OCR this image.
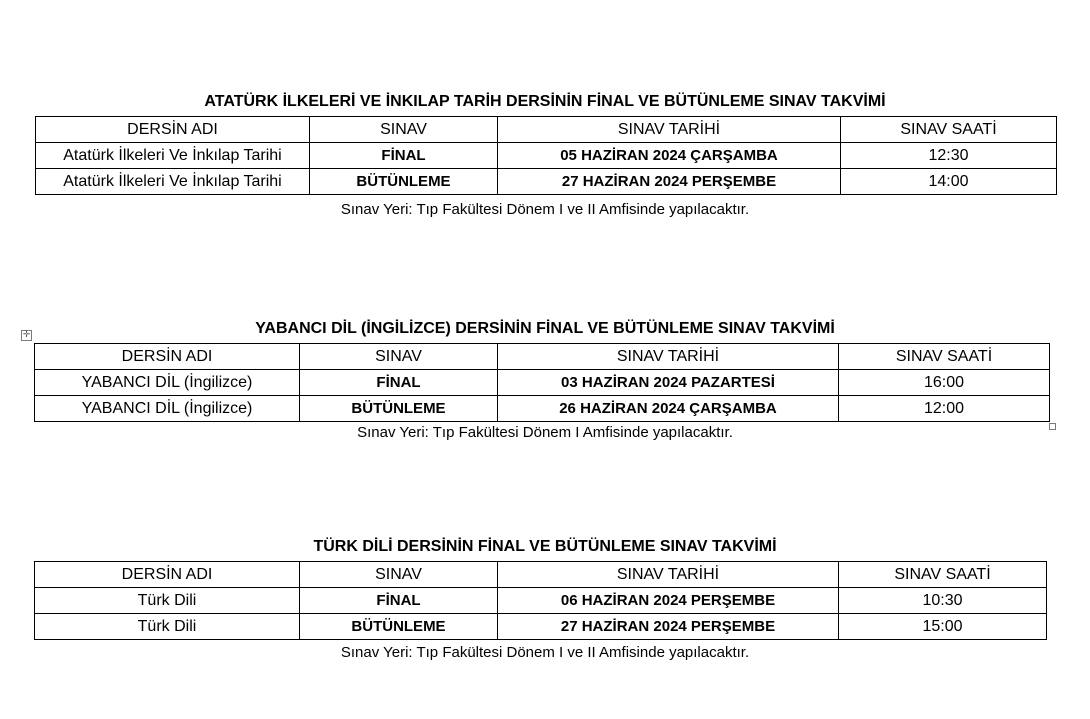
ATATÜRK İLKELERİ VE İNKILAP TARİH DERSİNİN FİNAL VE BÜTÜNLEME SINAV TAKVİMİ
DERSİN ADI	SINAV	SINAV TARİHİ	SINAV SAATİ
Atatürk İlkeleri Ve İnkılap Tarihi	FİNAL	05 HAZİRAN 2024 ÇARŞAMBA	12:30
Atatürk İlkeleri Ve İnkılap Tarihi	BÜTÜNLEME	27 HAZİRAN 2024 PERŞEMBE	14:00
Sınav Yeri: Tıp Fakültesi Dönem I ve II Amfisinde yapılacaktır.
✛	YABANCI DİL (İNGİLİZCE) DERSİNİN FİNAL VE BÜTÜNLEME SINAV TAKVİMİ
DERSİN ADI	SINAV	SINAV TARİHİ	SINAV SAATİ
YABANCI DİL (İngilizce)	FİNAL	03 HAZİRAN 2024 PAZARTESİ	16:00
YABANCI DİL (İngilizce)	BÜTÜNLEME	26 HAZİRAN 2024 ÇARŞAMBA	12:00
Sınav Yeri: Tıp Fakültesi Dönem I Amfisinde yapılacaktır.
TÜRK DİLİ DERSİNİN FİNAL VE BÜTÜNLEME SINAV TAKVİMİ
DERSİN ADI	SINAV	SINAV TARİHİ	SINAV SAATİ
Türk Dili	FİNAL	06 HAZİRAN 2024 PERŞEMBE	10:30
Türk Dili	BÜTÜNLEME	27 HAZİRAN 2024 PERŞEMBE	15:00
Sınav Yeri: Tıp Fakültesi Dönem I ve II Amfisinde yapılacaktır.
